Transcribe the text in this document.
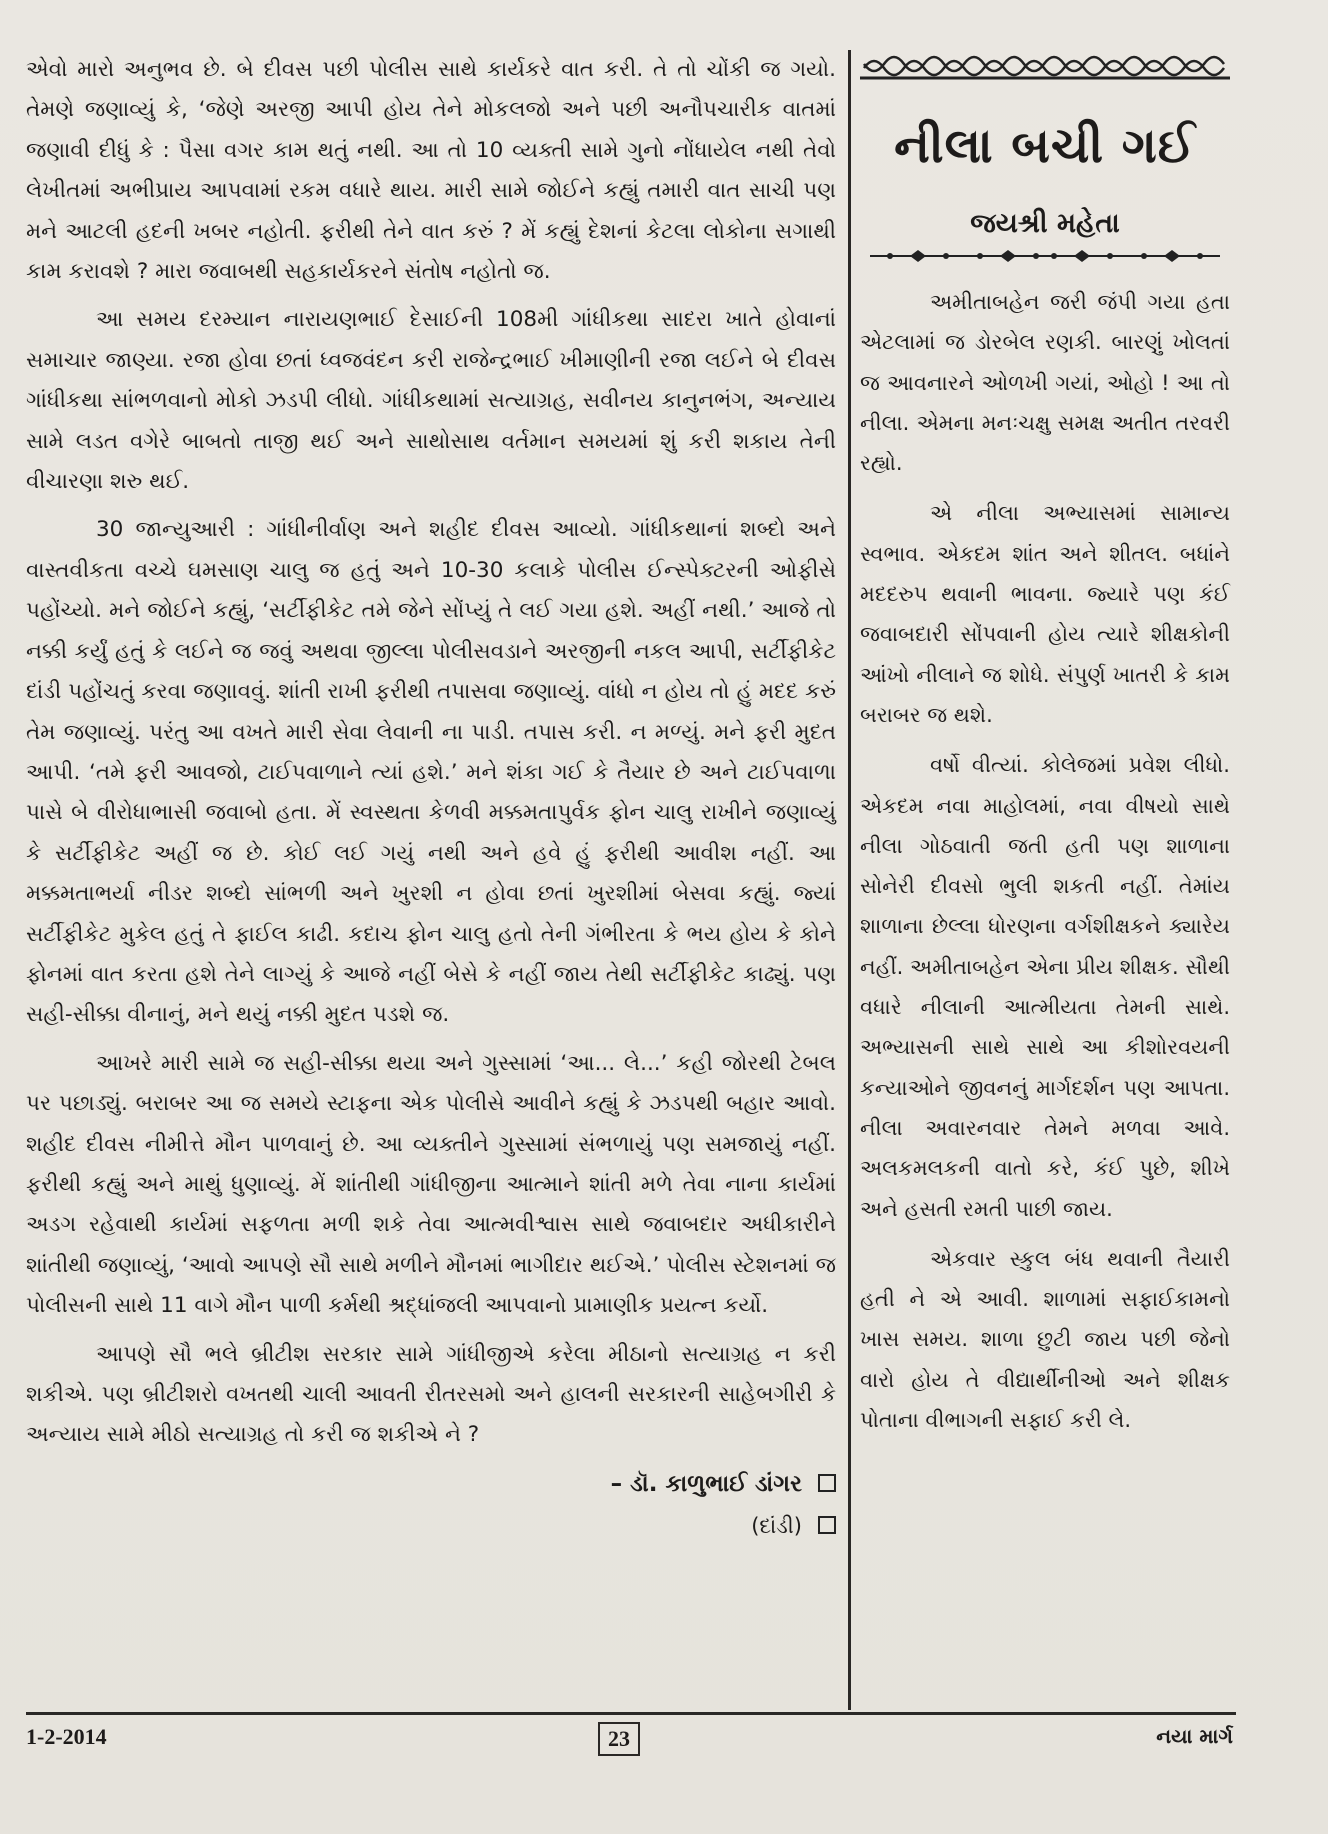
એવો મારો અનુભવ છે. બે દીવસ પછી પોલીસ સાથે કાર્યકરે વાત કરી. તે તો ચોંકી જ ગયો. તેમણે જણાવ્યું કે, ‘જેણે અરજી આપી હોય તેને મોકલજો અને પછી અનૌપચારીક વાતમાં જણાવી દીધું કે : પૈસા વગર કામ થતું નથી. આ તો 10 વ્યક્તી સામે ગુનો નોંધાયેલ નથી તેવો લેખીતમાં અભીપ્રાય આપવામાં રકમ વધારે થાય. મારી સામે જોઈને કહ્યું તમારી વાત સાચી પણ મને આટલી હદની ખબર નહોતી. ફરીથી તેને વાત કરું ? મેં કહ્યું દેશનાં કેટલા લોકોના સગાથી કામ કરાવશે ? મારા જવાબથી સહકાર્યકરને સંતોષ નહોતો જ.

આ સમય દરમ્યાન નારાયણભાઈ દેસાઈની 108મી ગાંધીકથા સાદરા ખાતે હોવાનાં સમાચાર જાણ્યા. રજા હોવા છતાં ધ્વજવંદન કરી રાજેન્દ્રભાઈ ખીમાણીની રજા લઈને બે દીવસ ગાંધીકથા સાંભળવાનો મોકો ઝડપી લીધો. ગાંધીકથામાં સત્યાગ્રહ, સવીનય કાનુનભંગ, અન્યાય સામે લડત વગેરે બાબતો તાજી થઈ અને સાથોસાથ વર્તમાન સમયમાં શું કરી શકાય તેની વીચારણા શરુ થઈ.

30 જાન્યુઆરી : ગાંધીનીર્વાણ અને શહીદ દીવસ આવ્યો. ગાંધીકથાનાં શબ્દો અને વાસ્તવીકતા વચ્ચે ઘમસાણ ચાલુ જ હતું અને 10-30 કલાકે પોલીસ ઈન્સ્પેક્ટરની ઓફીસે પહોંચ્યો. મને જોઈને કહ્યું, ‘સર્ટીફીકેટ તમે જેને સોંપ્યું તે લઈ ગયા હશે. અહીં નથી.’ આજે તો નક્કી કર્યું હતું કે લઈને જ જવું અથવા જીલ્લા પોલીસવડાને અરજીની નકલ આપી, સર્ટીફીકેટ દાંડી પહોંચતું કરવા જણાવવું. શાંતી રાખી ફરીથી તપાસવા જણાવ્યું. વાંધો ન હોય તો હું મદદ કરું તેમ જણાવ્યું. પરંતુ આ વખતે મારી સેવા લેવાની ના પાડી. તપાસ કરી. ન મળ્યું. મને ફરી મુદત આપી. ‘તમે ફરી આવજો, ટાઈપવાળાને ત્યાં હશે.’ મને શંકા ગઈ કે તૈયાર છે અને ટાઈપવાળા પાસે બે વીરોધાભાસી જવાબો હતા. મેં સ્વસ્થતા કેળવી મક્કમતાપુર્વક ફોન ચાલુ રાખીને જણાવ્યું કે સર્ટીફીકેટ અહીં જ છે. કોઈ લઈ ગયું નથી અને હવે હું ફરીથી આવીશ નહીં. આ મક્કમતાભર્યા નીડર શબ્દો સાંભળી અને ખુરશી ન હોવા છતાં ખુરશીમાં બેસવા કહ્યું. જ્યાં સર્ટીફીકેટ મુકેલ હતું તે ફાઈલ કાઢી. કદાચ ફોન ચાલુ હતો તેની ગંભીરતા કે ભય હોય કે કોને ફોનમાં વાત કરતા હશે તેને લાગ્યું કે આજે નહીં બેસે કે નહીં જાય તેથી સર્ટીફીકેટ કાઢ્યું. પણ સહી-સીક્કા વીનાનું, મને થયું નક્કી મુદત પડશે જ.

આખરે મારી સામે જ સહી-સીક્કા થયા અને ગુસ્સામાં ‘આ... લે...’ કહી જોરથી ટેબલ પર પછાડ્યું. બરાબર આ જ સમયે સ્ટાફના એક પોલીસે આવીને કહ્યું કે ઝડપથી બહાર આવો. શહીદ દીવસ નીમીત્તે મૌન પાળવાનું છે. આ વ્યક્તીને ગુસ્સામાં સંભળાયું પણ સમજાયું નહીં. ફરીથી કહ્યું અને માથું ધુણાવ્યું. મેં શાંતીથી ગાંધીજીના આત્માને શાંતી મળે તેવા નાના કાર્યમાં અડગ રહેવાથી કાર્યમાં સફળતા મળી શકે તેવા આત્મવીશ્વાસ સાથે જવાબદાર અધીકારીને શાંતીથી જણાવ્યું, ‘આવો આપણે સૌ સાથે મળીને મૌનમાં ભાગીદાર થઈએ.’ પોલીસ સ્ટેશનમાં જ પોલીસની સાથે 11 વાગે મૌન પાળી કર્મથી શ્રદ્ધાંજલી આપવાનો પ્રામાણીક પ્રયત્ન કર્યો.

આપણે સૌ ભલે બ્રીટીશ સરકાર સામે ગાંધીજીએ કરેલા મીઠાનો સત્યાગ્રહ ન કરી શકીએ. પણ બ્રીટીશરો વખતથી ચાલી આવતી રીતરસમો અને હાલની સરકારની સાહેબગીરી કે અન્યાય સામે મીઠો સત્યાગ્રહ તો કરી જ શકીએ ને ?

– ડૉ. કાળુભાઈ ડાંગર
(દાંડી)
નીલા બચી ગઈ

જયશ્રી મહેતા

અમીતાબહેન જરી જંપી ગયા હતા એટલામાં જ ડોરબેલ રણકી. બારણું ખોલતાં જ આવનારને ઓળખી ગયાં, ઓહો ! આ તો નીલા. એમના મનઃચક્ષુ સમક્ષ અતીત તરવરી રહ્યો.

એ નીલા અભ્યાસમાં સામાન્ય સ્વભાવ. એકદમ શાંત અને શીતલ. બધાંને મદદરુપ થવાની ભાવના. જ્યારે પણ કંઈ જવાબદારી સોંપવાની હોય ત્યારે શીક્ષકોની આંખો નીલાને જ શોધે. સંપુર્ણ ખાતરી કે કામ બરાબર જ થશે.

વર્ષો વીત્યાં. કોલેજમાં પ્રવેશ લીધો. એકદમ નવા માહોલમાં, નવા વીષયો સાથે નીલા ગોઠવાતી જતી હતી પણ શાળાના સોનેરી દીવસો ભુલી શકતી નહીં. તેમાંય શાળાના છેલ્લા ધોરણના વર્ગશીક્ષકને ક્યારેય નહીં. અમીતાબહેન એના પ્રીય શીક્ષક. સૌથી વધારે નીલાની આત્મીયતા તેમની સાથે. અભ્યાસની સાથે સાથે આ કીશોરવયની કન્યાઓને જીવનનું માર્ગદર્શન પણ આપતા. નીલા અવારનવાર તેમને મળવા આવે. અલકમલકની વાતો કરે, કંઈ પુછે, શીખે અને હસતી રમતી પાછી જાય.

એકવાર સ્કુલ બંધ થવાની તૈયારી હતી ને એ આવી. શાળામાં સફાઈકામનો ખાસ સમય. શાળા છુટી જાય પછી જેનો વારો હોય તે વીદ્યાર્થીનીઓ અને શીક્ષક પોતાના વીભાગની સફાઈ કરી લે.

1-2-2014	23	નયા માર્ગ
